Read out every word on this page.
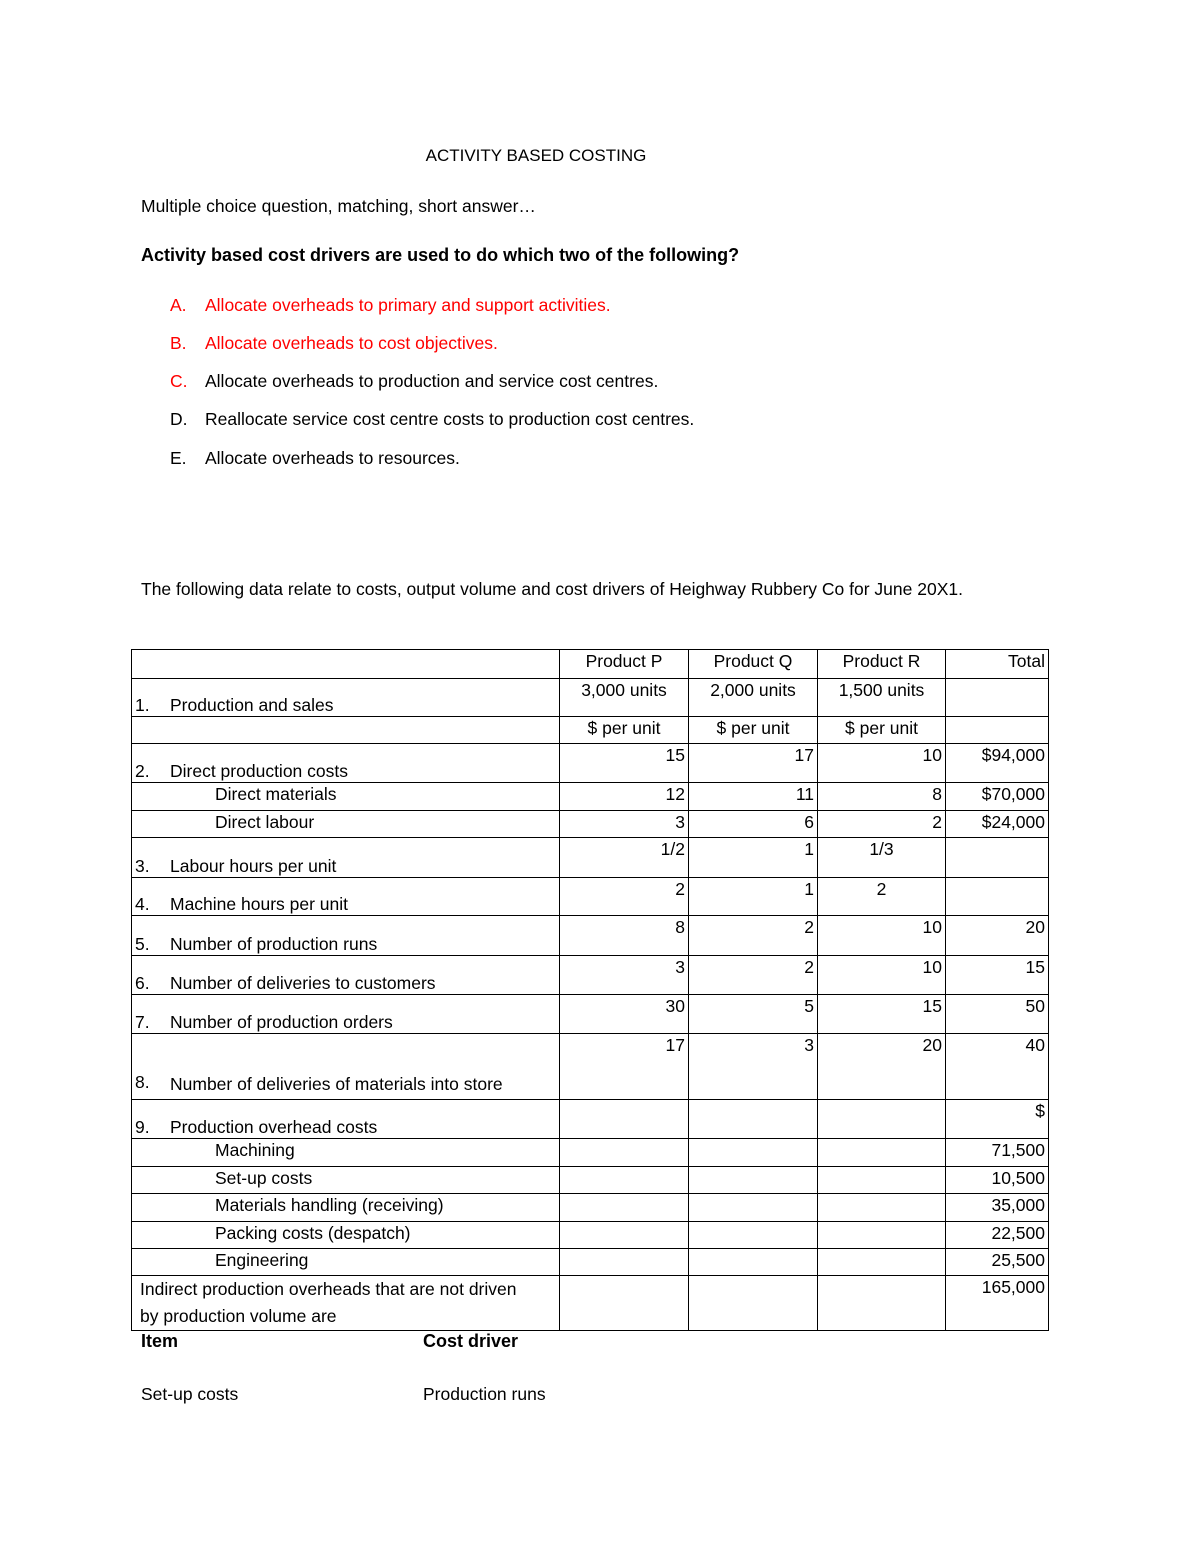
ACTIVITY BASED COSTING
Multiple choice question, matching, short answer…
Activity based cost drivers are used to do which two of the following?
A. Allocate overheads to primary and support activities.
B. Allocate overheads to cost objectives.
C. Allocate overheads to production and service cost centres.
D. Reallocate service cost centre costs to production cost centres.
E. Allocate overheads to resources.
The following data relate to costs, output volume and cost drivers of Heighway Rubbery Co for June 20X1.
	Product P	Product Q	Product R	Total
1. Production and sales	3,000 units	2,000 units	1,500 units	
	$ per unit	$ per unit	$ per unit	
2. Direct production costs	15	17	10	$94,000
Direct materials	12	11	8	$70,000
Direct labour	3	6	2	$24,000
3. Labour hours per unit	1/2	1	1/3	
4. Machine hours per unit	2	1	2	
5. Number of production runs	8	2	10	20
6. Number of deliveries to customers	3	2	10	15
7. Number of production orders	30	5	15	50

8. Number of deliveries of materials into store	17	3	20	40
9. Production overhead costs				$
Machining				71,500
Set-up costs				10,500
Materials handling (receiving)				35,000
Packing costs (despatch)				22,500
Engineering				25,500

Indirect production overheads that are not driven by production volume are				165,000
Item	Cost driver
Set-up costs	Production runs
